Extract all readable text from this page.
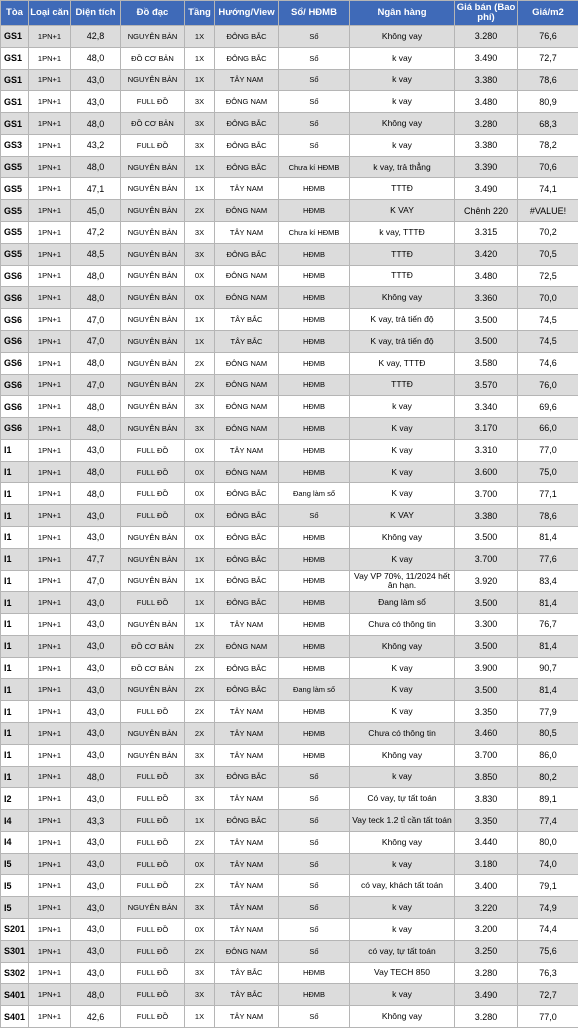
Tòa	Loại căn	Diện tích	Đồ đạc	Tầng	Hướng/View	Sổ/ HĐMB	Ngân hàng	Giá bán (Bao phí)	Giá/m2
GS1	1PN+1	42,8	NGUYÊN BẢN	1X	ĐÔNG BẮC	Sổ	Không vay	3.280	76,6
GS1	1PN+1	48,0	ĐỒ CƠ BẢN	1X	ĐÔNG BẮC	Sổ	k vay	3.490	72,7
GS1	1PN+1	43,0	NGUYÊN BẢN	1X	TÂY NAM	Sổ	k vay	3.380	78,6
GS1	1PN+1	43,0	FULL ĐỒ	3X	ĐÔNG NAM	Sổ	k vay	3.480	80,9
GS1	1PN+1	48,0	ĐỒ CƠ BẢN	3X	ĐÔNG BẮC	Sổ	Không vay	3.280	68,3
GS3	1PN+1	43,2	FULL ĐỒ	3X	ĐÔNG BẮC	Sổ	k vay	3.380	78,2
GS5	1PN+1	48,0	NGUYÊN BẢN	1X	ĐÔNG BẮC	Chưa kí HĐMB	k vay, trả thẳng	3.390	70,6
GS5	1PN+1	47,1	NGUYÊN BẢN	1X	TÂY NAM	HĐMB	TTTĐ	3.490	74,1
GS5	1PN+1	45,0	NGUYÊN BẢN	2X	ĐÔNG NAM	HĐMB	K VAY	Chênh 220	#VALUE!
GS5	1PN+1	47,2	NGUYÊN BẢN	3X	TÂY NAM	Chưa kí HĐMB	k vay, TTTĐ	3.315	70,2
GS5	1PN+1	48,5	NGUYÊN BẢN	3X	ĐÔNG BẮC	HĐMB	TTTĐ	3.420	70,5
GS6	1PN+1	48,0	NGUYÊN BẢN	0X	ĐÔNG NAM	HĐMB	TTTĐ	3.480	72,5
GS6	1PN+1	48,0	NGUYÊN BẢN	0X	ĐÔNG NAM	HĐMB	Không vay	3.360	70,0
GS6	1PN+1	47,0	NGUYÊN BẢN	1X	TÂY BẮC	HĐMB	K vay, trả tiến độ	3.500	74,5
GS6	1PN+1	47,0	NGUYÊN BẢN	1X	TÂY BẮC	HĐMB	K vay, trả tiến độ	3.500	74,5
GS6	1PN+1	48,0	NGUYÊN BẢN	2X	ĐÔNG NAM	HĐMB	K vay, TTTĐ	3.580	74,6
GS6	1PN+1	47,0	NGUYÊN BẢN	2X	ĐÔNG NAM	HĐMB	TTTĐ	3.570	76,0
GS6	1PN+1	48,0	NGUYÊN BẢN	3X	ĐÔNG NAM	HĐMB	k vay	3.340	69,6
GS6	1PN+1	48,0	NGUYÊN BẢN	3X	ĐÔNG NAM	HĐMB	K vay	3.170	66,0
I1	1PN+1	43,0	FULL ĐỒ	0X	TÂY NAM	HĐMB	K vay	3.310	77,0
I1	1PN+1	48,0	FULL ĐỒ	0X	ĐÔNG NAM	HĐMB	K vay	3.600	75,0
I1	1PN+1	48,0	FULL ĐỒ	0X	ĐÔNG BẮC	Đang làm sổ	K vay	3.700	77,1
I1	1PN+1	43,0	FULL ĐỒ	0X	ĐÔNG BẮC	Sổ	K VAY	3.380	78,6
I1	1PN+1	43,0	NGUYÊN BẢN	0X	ĐÔNG BẮC	HĐMB	Không vay	3.500	81,4
I1	1PN+1	47,7	NGUYÊN BẢN	1X	ĐÔNG BẮC	HĐMB	K vay	3.700	77,6
I1	1PN+1	47,0	NGUYÊN BẢN	1X	ĐÔNG BẮC	HĐMB	Vay VP 70%, 11/2024 hết ân hạn.	3.920	83,4
I1	1PN+1	43,0	FULL ĐỒ	1X	ĐÔNG BẮC	HĐMB	Đang làm sổ	3.500	81,4
I1	1PN+1	43,0	NGUYÊN BẢN	1X	TÂY NAM	HĐMB	Chưa có thông tin	3.300	76,7
I1	1PN+1	43,0	ĐỒ CƠ BẢN	2X	ĐÔNG NAM	HĐMB	Không vay	3.500	81,4
I1	1PN+1	43,0	ĐỒ CƠ BẢN	2X	ĐÔNG BẮC	HĐMB	K vay	3.900	90,7
I1	1PN+1	43,0	NGUYÊN BẢN	2X	ĐÔNG BẮC	Đang làm sổ	K vay	3.500	81,4
I1	1PN+1	43,0	FULL ĐỒ	2X	TÂY NAM	HĐMB	K vay	3.350	77,9
I1	1PN+1	43,0	NGUYÊN BẢN	2X	TÂY NAM	HĐMB	Chưa có thông tin	3.460	80,5
I1	1PN+1	43,0	NGUYÊN BẢN	3X	TÂY NAM	HĐMB	Không vay	3.700	86,0
I1	1PN+1	48,0	FULL ĐỒ	3X	ĐÔNG BẮC	Sổ	k vay	3.850	80,2
I2	1PN+1	43,0	FULL ĐỒ	3X	TÂY NAM	Sổ	Có vay, tự tất toán	3.830	89,1
I4	1PN+1	43,3	FULL ĐỒ	1X	ĐÔNG BẮC	Sổ	Vay teck 1.2 tỉ cần tất toán	3.350	77,4
I4	1PN+1	43,0	FULL ĐỒ	2X	TÂY NAM	Sổ	Không vay	3.440	80,0
I5	1PN+1	43,0	FULL ĐỒ	0X	TÂY NAM	Sổ	k vay	3.180	74,0
I5	1PN+1	43,0	FULL ĐỒ	2X	TÂY NAM	Sổ	có vay, khách tất toán	3.400	79,1
I5	1PN+1	43,0	NGUYÊN BẢN	3X	TÂY NAM	Sổ	k vay	3.220	74,9
S201	1PN+1	43,0	FULL ĐỒ	0X	TÂY NAM	Sổ	k vay	3.200	74,4
S301	1PN+1	43,0	FULL ĐỒ	2X	ĐÔNG NAM	Sổ	có vay, tự tất toán	3.250	75,6
S302	1PN+1	43,0	FULL ĐỒ	3X	TÂY BẮC	HĐMB	Vay TECH 850	3.280	76,3
S401	1PN+1	48,0	FULL ĐỒ	3X	TÂY BẮC	HĐMB	k vay	3.490	72,7
S401	1PN+1	42,6	FULL ĐỒ	1X	TÂY NAM	Sổ	Không vay	3.280	77,0
